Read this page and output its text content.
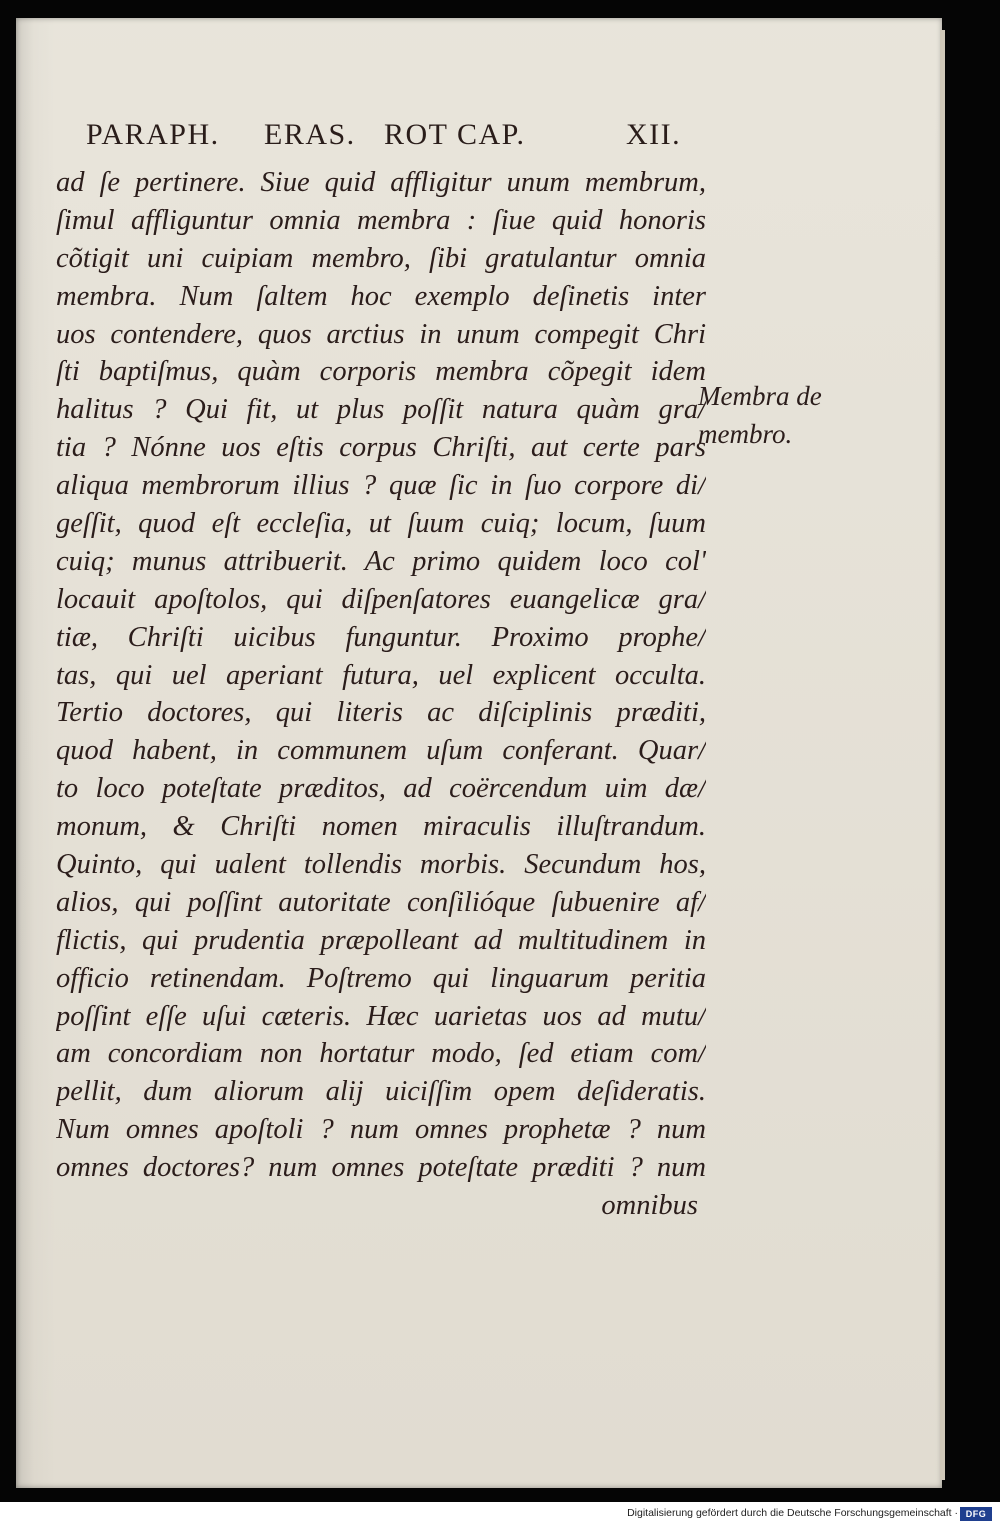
PARAPH. ERAS. ROT CAP.	XII.
ad ſe pertinere. Siue quid affligitur unum membrum,
ſimul affliguntur omnia membra : ſiue quid honoris
cõtigit uni cuipiam membro, ſibi gratulantur omnia
membra. Num ſaltem hoc exemplo deſinetis inter
uos contendere, quos arctius in unum compegit Chri
ſti baptiſmus, quàm corporis membra cõpegit idem
halitus ? Qui fit, ut plus poſſit natura quàm gra/
tia ? Nónne uos eſtis corpus Chriſti, aut certe pars
aliqua membrorum illius ? quæ ſic in ſuo corpore di/
geſſit, quod eſt eccleſia, ut ſuum cuiq; locum, ſuum
cuiq; munus attribuerit. Ac primo quidem loco col'
locauit apoſtolos, qui diſpenſatores euangelicæ gra/
tiæ, Chriſti uicibus funguntur. Proximo prophe/
tas, qui uel aperiant futura, uel explicent occulta.
Tertio doctores, qui literis ac diſciplinis præditi,
quod habent, in communem uſum conferant. Quar/
to loco poteſtate præditos, ad coërcendum uim dæ/
monum, & Chriſti nomen miraculis illuſtrandum.
Quinto, qui ualent tollendis morbis. Secundum hos,
alios, qui poſſint autoritate conſilióque ſubuenire af/
flictis, qui prudentia præpolleant ad multitudinem in
officio retinendam. Poſtremo qui linguarum peritia
poſſint eſſe uſui cæteris. Hæc uarietas uos ad mutu/
am concordiam non hortatur modo, ſed etiam com/
pellit, dum aliorum alij uiciſſim opem deſideratis.
Num omnes apoſtoli ? num omnes prophetæ ? num
omnes doctores? num omnes poteſtate præditi ? num
omnibus
Membra de
membro.
Digitalisierung gefördert durch die Deutsche Forschungsgemeinschaft · DFG
